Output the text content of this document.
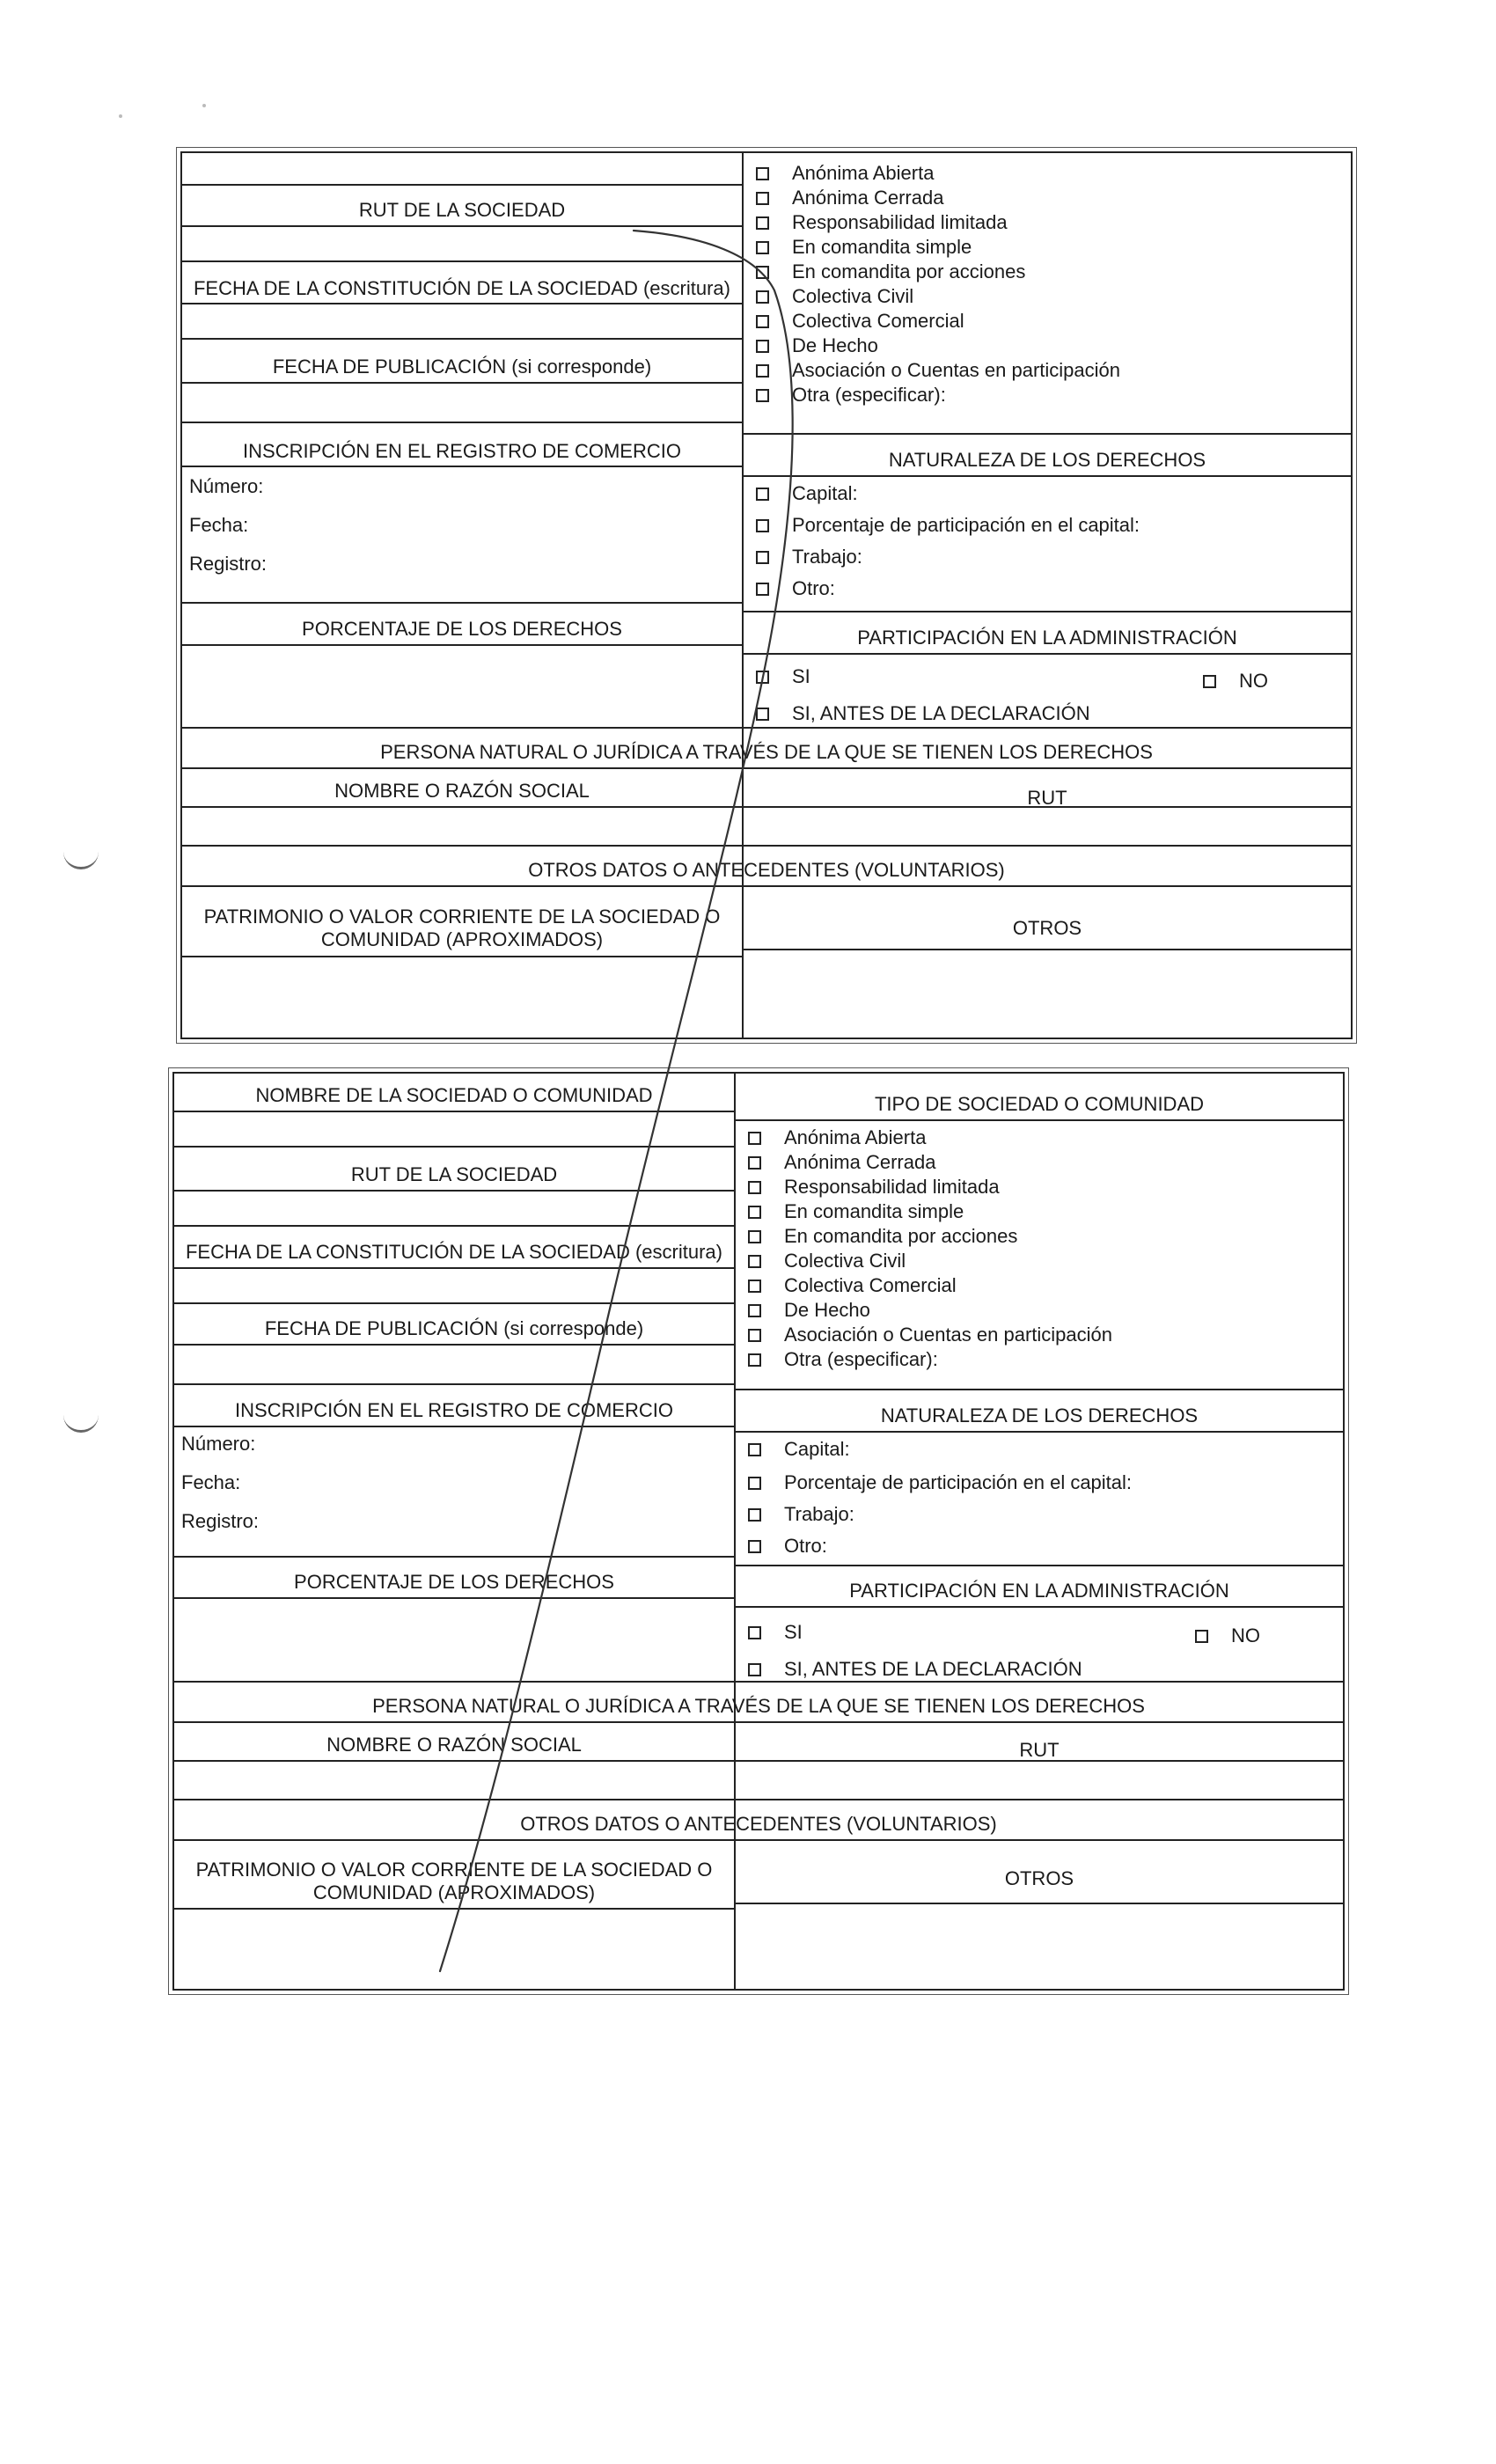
RUT DE LA SOCIEDAD
FECHA DE LA CONSTITUCIÓN DE LA SOCIEDAD (escritura)
FECHA DE PUBLICACIÓN (si corresponde)
INSCRIPCIÓN EN EL REGISTRO DE COMERCIO
Número:
Fecha:
Registro:
PORCENTAJE DE LOS DERECHOS
NOMBRE O RAZÓN SOCIAL
PATRIMONIO O VALOR CORRIENTE DE LA SOCIEDAD O
COMUNIDAD (APROXIMADOS)
Anónima Abierta
Anónima Cerrada
Responsabilidad limitada
En comandita simple
En comandita por acciones
Colectiva Civil
Colectiva Comercial
De Hecho
Asociación o Cuentas en participación
Otra (especificar):
NATURALEZA DE LOS DERECHOS
Capital:
Porcentaje de participación en el capital:
Trabajo:
Otro:
PARTICIPACIÓN EN LA ADMINISTRACIÓN
SI	NO
SI, ANTES DE LA DECLARACIÓN
RUT
OTROS
PERSONA NATURAL O JURÍDICA A TRAVÉS DE LA QUE SE TIENEN LOS DERECHOS
OTROS DATOS O ANTECEDENTES (VOLUNTARIOS)
NOMBRE DE LA SOCIEDAD O COMUNIDAD
RUT DE LA SOCIEDAD
FECHA DE LA CONSTITUCIÓN DE LA SOCIEDAD (escritura)
FECHA DE PUBLICACIÓN (si corresponde)
INSCRIPCIÓN EN EL REGISTRO DE COMERCIO
Número:
Fecha:
Registro:
PORCENTAJE DE LOS DERECHOS
NOMBRE O RAZÓN SOCIAL
PATRIMONIO O VALOR CORRIENTE DE LA SOCIEDAD O
COMUNIDAD (APROXIMADOS)
TIPO DE SOCIEDAD O COMUNIDAD
Anónima Abierta
Anónima Cerrada
Responsabilidad limitada
En comandita simple
En comandita por acciones
Colectiva Civil
Colectiva Comercial
De Hecho
Asociación o Cuentas en participación
Otra (especificar):
NATURALEZA DE LOS DERECHOS
Capital:
Porcentaje de participación en el capital:
Trabajo:
Otro:
PARTICIPACIÓN EN LA ADMINISTRACIÓN
SI	NO
SI, ANTES DE LA DECLARACIÓN
RUT
OTROS
PERSONA NATURAL O JURÍDICA A TRAVÉS DE LA QUE SE TIENEN LOS DERECHOS
OTROS DATOS O ANTECEDENTES (VOLUNTARIOS)
